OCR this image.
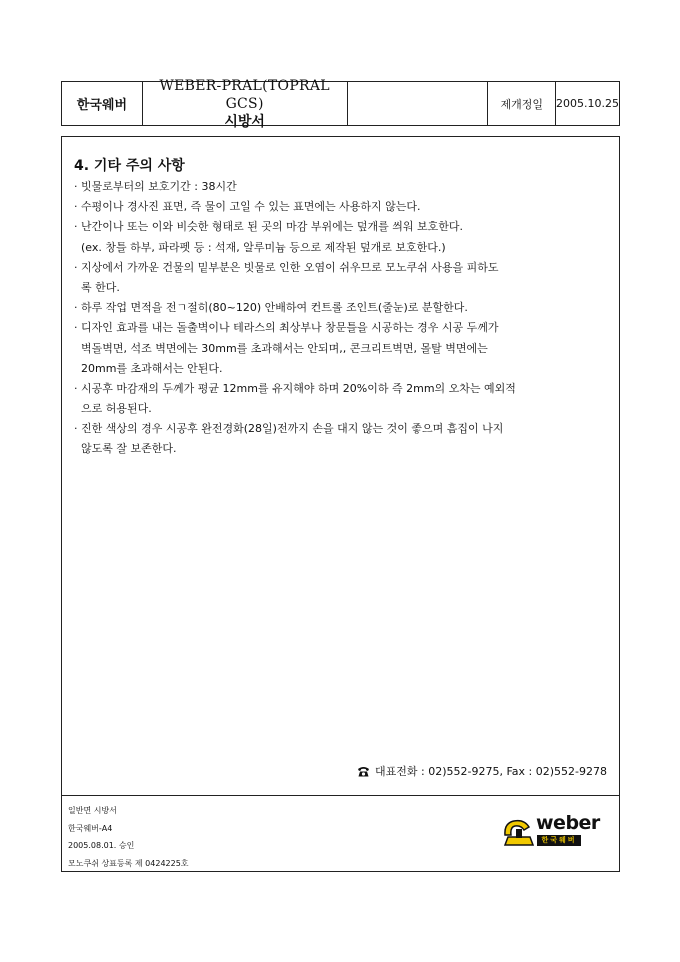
한국웨버
WEBER-PRAL(TOPRAL GCS)
시방서
제개정일	2005.10.25
4. 기타 주의 사항
· 빗물로부터의 보호기간 : 38시간
· 수평이나 경사진 표면, 즉 물이 고일 수 있는 표면에는 사용하지 않는다.
· 난간이나 또는 이와 비슷한 형태로 된 곳의 마감 부위에는 덮개를 씌워 보호한다.
(ex. 창틀 하부, 파라펫 등 : 석재, 알루미늄 등으로 제작된 덮개로 보호한다.)
· 지상에서 가까운 건물의 밑부분은 빗물로 인한 오염이 쉬우므로 모노쿠쉬 사용을 피하도
록 한다.
· 하루 작업 면적을 전ㄱ절히(80~120) 안배하여 컨트롤 조인트(줄눈)로 분할한다.
· 디자인 효과를 내는 돌출벽이나 테라스의 최상부나 창문틀을 시공하는 경우 시공 두께가
벽돌벽면, 석조 벽면에는 30mm를 초과해서는 안되며,, 콘크리트벽면, 몰탈 벽면에는
20mm를 초과해서는 안된다.
· 시공후 마감재의 두께가 평균 12mm를 유지해야 하며 20%이하 즉 2mm의 오차는 예외적
으로 허용된다.
· 진한 색상의 경우 시공후 완전경화(28일)전까지 손을 대지 않는 것이 좋으며 흠집이 나지
않도록 잘 보존한다.
대표전화 : 02)552-9275, Fax : 02)552-9278
일반면 시방서
한국웨버-A4
2005.08.01. 승인
모노쿠쉬 상표등록 제 0424225호
weber
한국웨버
